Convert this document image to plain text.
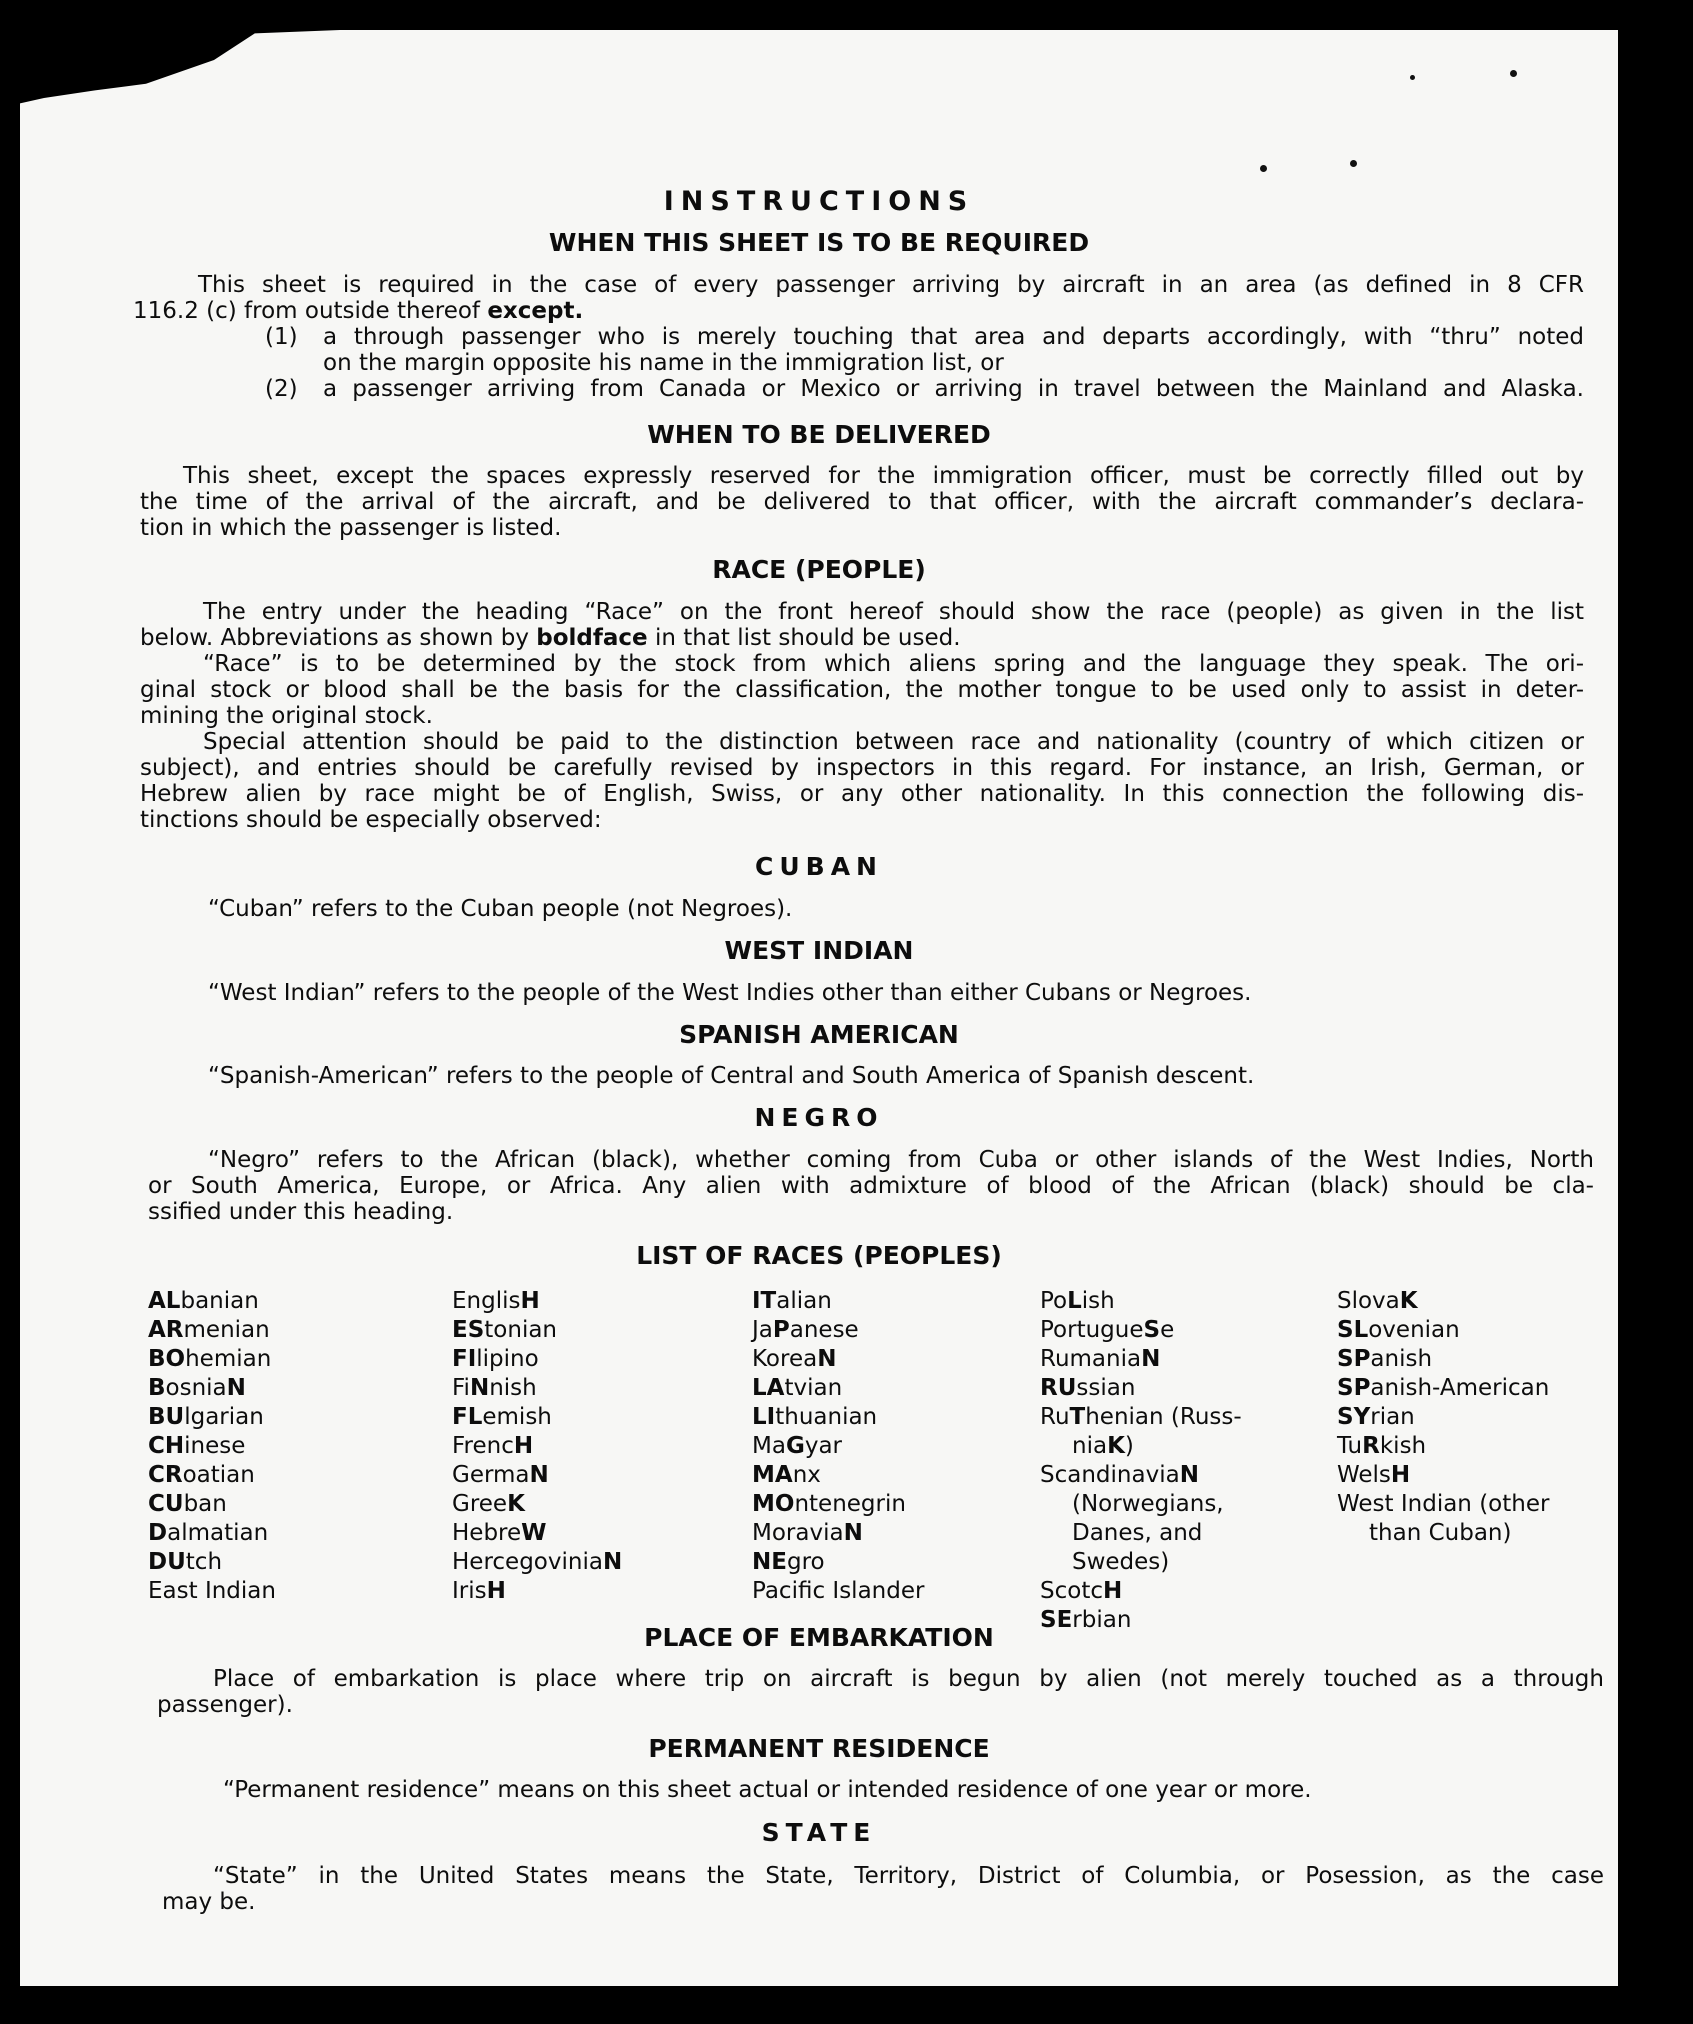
INSTRUCTIONS
WHEN THIS SHEET IS TO BE REQUIRED
This sheet is required in the case of every passenger arriving by aircraft in an area (as defined in 8 CFR
116.2 (c) from outside thereof except.
(1) a through passenger who is merely touching that area and departs accordingly, with “thru” noted
on the margin opposite his name in the immigration list, or
(2) a passenger arriving from Canada or Mexico or arriving in travel between the Mainland and Alaska.
WHEN TO BE DELIVERED
This sheet, except the spaces expressly reserved for the immigration officer, must be correctly filled out by
the time of the arrival of the aircraft, and be delivered to that officer, with the aircraft commander’s declara-
tion in which the passenger is listed.
RACE (PEOPLE)
The entry under the heading “Race” on the front hereof should show the race (people) as given in the list
below. Abbreviations as shown by boldface in that list should be used.
“Race” is to be determined by the stock from which aliens spring and the language they speak. The ori-
ginal stock or blood shall be the basis for the classification, the mother tongue to be used only to assist in deter-
mining the original stock.
Special attention should be paid to the distinction between race and nationality (country of which citizen or
subject), and entries should be carefully revised by inspectors in this regard. For instance, an Irish, German, or
Hebrew alien by race might be of English, Swiss, or any other nationality. In this connection the following dis-
tinctions should be especially observed:
CUBAN
“Cuban” refers to the Cuban people (not Negroes).
WEST INDIAN
“West Indian” refers to the people of the West Indies other than either Cubans or Negroes.
SPANISH AMERICAN
“Spanish-American” refers to the people of Central and South America of Spanish descent.
NEGRO
“Negro” refers to the African (black), whether coming from Cuba or other islands of the West Indies, North
or South America, Europe, or Africa. Any alien with admixture of blood of the African (black) should be cla-
ssified under this heading.
LIST OF RACES (PEOPLES)
ALbanian
ARmenian
BOhemian
BosniaN
BUlgarian
CHinese
CRoatian
CUban
Dalmatian
DUtch
East Indian
EnglisH
EStonian
FIlipino
FiNnish
FLemish
FrencH
GermaN
GreeK
HebreW
HercegoviniaN
IrisH
ITalian
JaPanese
KoreaN
LAtvian
LIthuanian
MaGyar
MAnx
MOntenegrin
MoraviaN
NEgro
Pacific Islander
PoLish
PortugueSe
RumaniaN
RUssian
RuThenian (Russ-
niaK)
ScandinaviaN
(Norwegians,
Danes, and
Swedes)
ScotcH
SErbian
SlovaK
SLovenian
SPanish
SPanish-American
SYrian
TuRkish
WelsH
West Indian (other
than Cuban)
PLACE OF EMBARKATION
Place of embarkation is place where trip on aircraft is begun by alien (not merely touched as a through
passenger).
PERMANENT RESIDENCE
“Permanent residence” means on this sheet actual or intended residence of one year or more.
STATE
“State” in the United States means the State, Territory, District of Columbia, or Posession, as the case
may be.
